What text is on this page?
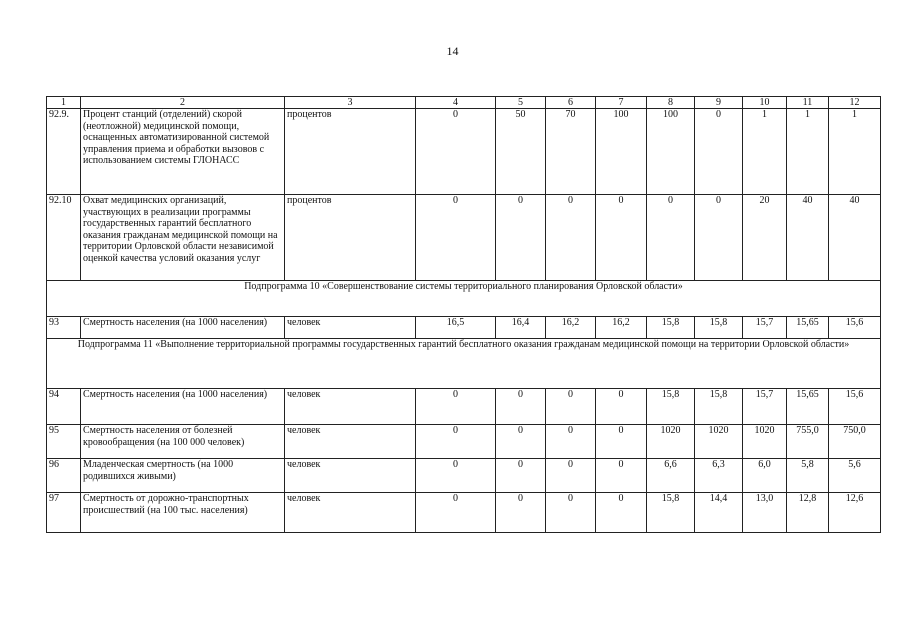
14
1	2	3	4	5	6	7	8	9	10	11	12
92.9.	Процент станций (отделений) скорой (неотложной) медицинской помощи, оснащенных автоматизированной системой управления приема и обработки вызовов с использованием системы ГЛОНАСС	процентов	0	50	70	100	100	0	1	1	1
92.10	Охват медицинских организаций, участвующих в реализации программы государственных гарантий бесплатного оказания гражданам медицинской помощи на территории Орловской области независимой оценкой качества условий оказания услуг	процентов	0	0	0	0	0	0	20	40	40
Подпрограмма 10 «Совершенствование системы территориального планирования Орловской области»											
93	Смертность населения (на 1000 населения)	человек	16,5	16,4	16,2	16,2	15,8	15,8	15,7	15,65	15,6
Подпрограмма 11 «Выполнение территориальной программы государственных гарантий бесплатного оказания гражданам медицинской помощи на территории Орловской области»											
94	Смертность населения (на 1000 населения)	человек	0	0	0	0	15,8	15,8	15,7	15,65	15,6
95	Смертность населения от болезней кровообращения (на 100 000 человек)	человек	0	0	0	0	1020	1020	1020	755,0	750,0
96	Младенческая смертность (на 1000 родившихся живыми)	человек	0	0	0	0	6,6	6,3	6,0	5,8	5,6
97	Смертность от дорожно-транспортных происшествий (на 100 тыс. населения)	человек	0	0	0	0	15,8	14,4	13,0	12,8	12,6
